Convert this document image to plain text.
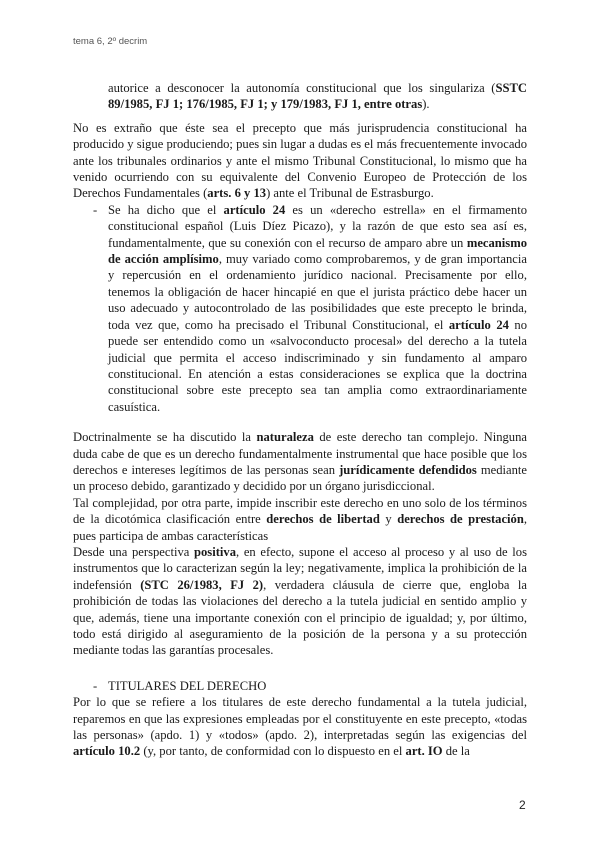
tema 6, 2º decrim
autorice a desconocer la autonomía constitucional que los singulariza (SSTC 89/1985, FJ 1; 176/1985, FJ 1; y 179/1983, FJ 1, entre otras).
No es extraño que éste sea el precepto que más jurisprudencia constitucional ha producido y sigue produciendo; pues sin lugar a dudas es el más frecuentemente invocado ante los tribunales ordinarios y ante el mismo Tribunal Constitucional, lo mismo que ha venido ocurriendo con su equivalente del Convenio Europeo de Protección de los Derechos Fundamentales (arts. 6 y 13) ante el Tribunal de Estrasburgo.
- Se ha dicho que el artículo 24 es un «derecho estrella» en el firmamento constitucional español (Luis Díez Picazo), y la razón de que esto sea así es, fundamentalmente, que su conexión con el recurso de amparo abre un mecanismo de acción amplísimo, muy variado como comprobaremos, y de gran importancia y repercusión en el ordenamiento jurídico nacional. Precisamente por ello, tenemos la obligación de hacer hincapié en que el jurista práctico debe hacer un uso adecuado y autocontrolado de las posibilidades que este precepto le brinda, toda vez que, como ha precisado el Tribunal Constitucional, el artículo 24 no puede ser entendido como un «salvoconducto procesal» del derecho a la tutela judicial que permita el acceso indiscriminado y sin fundamento al amparo constitucional. En atención a estas consideraciones se explica que la doctrina constitucional sobre este precepto sea tan amplia como extraordinariamente casuística.
Doctrinalmente se ha discutido la naturaleza de este derecho tan complejo. Ninguna duda cabe de que es un derecho fundamentalmente instrumental que hace posible que los derechos e intereses legítimos de las personas sean jurídicamente defendidos mediante un proceso debido, garantizado y decidido por un órgano jurisdiccional.
Tal complejidad, por otra parte, impide inscribir este derecho en uno solo de los términos de la dicotómica clasificación entre derechos de libertad y derechos de prestación, pues participa de ambas características
Desde una perspectiva positiva, en efecto, supone el acceso al proceso y al uso de los instrumentos que lo caracterizan según la ley; negativamente, implica la prohibición de la indefensión (STC 26/1983, FJ 2), verdadera cláusula de cierre que, engloba la prohibición de todas las violaciones del derecho a la tutela judicial en sentido amplio y que, además, tiene una importante conexión con el principio de igualdad; y, por último, todo está dirigido al aseguramiento de la posición de la persona y a su protección mediante todas las garantías procesales.
- TITULARES DEL DERECHO
Por lo que se refiere a los titulares de este derecho fundamental a la tutela judicial, reparemos en que las expresiones empleadas por el constituyente en este precepto, «todas las personas» (apdo. 1) y «todos» (apdo. 2), interpretadas según las exigencias del artículo 10.2 (y, por tanto, de conformidad con lo dispuesto en el art. IO de la
2
